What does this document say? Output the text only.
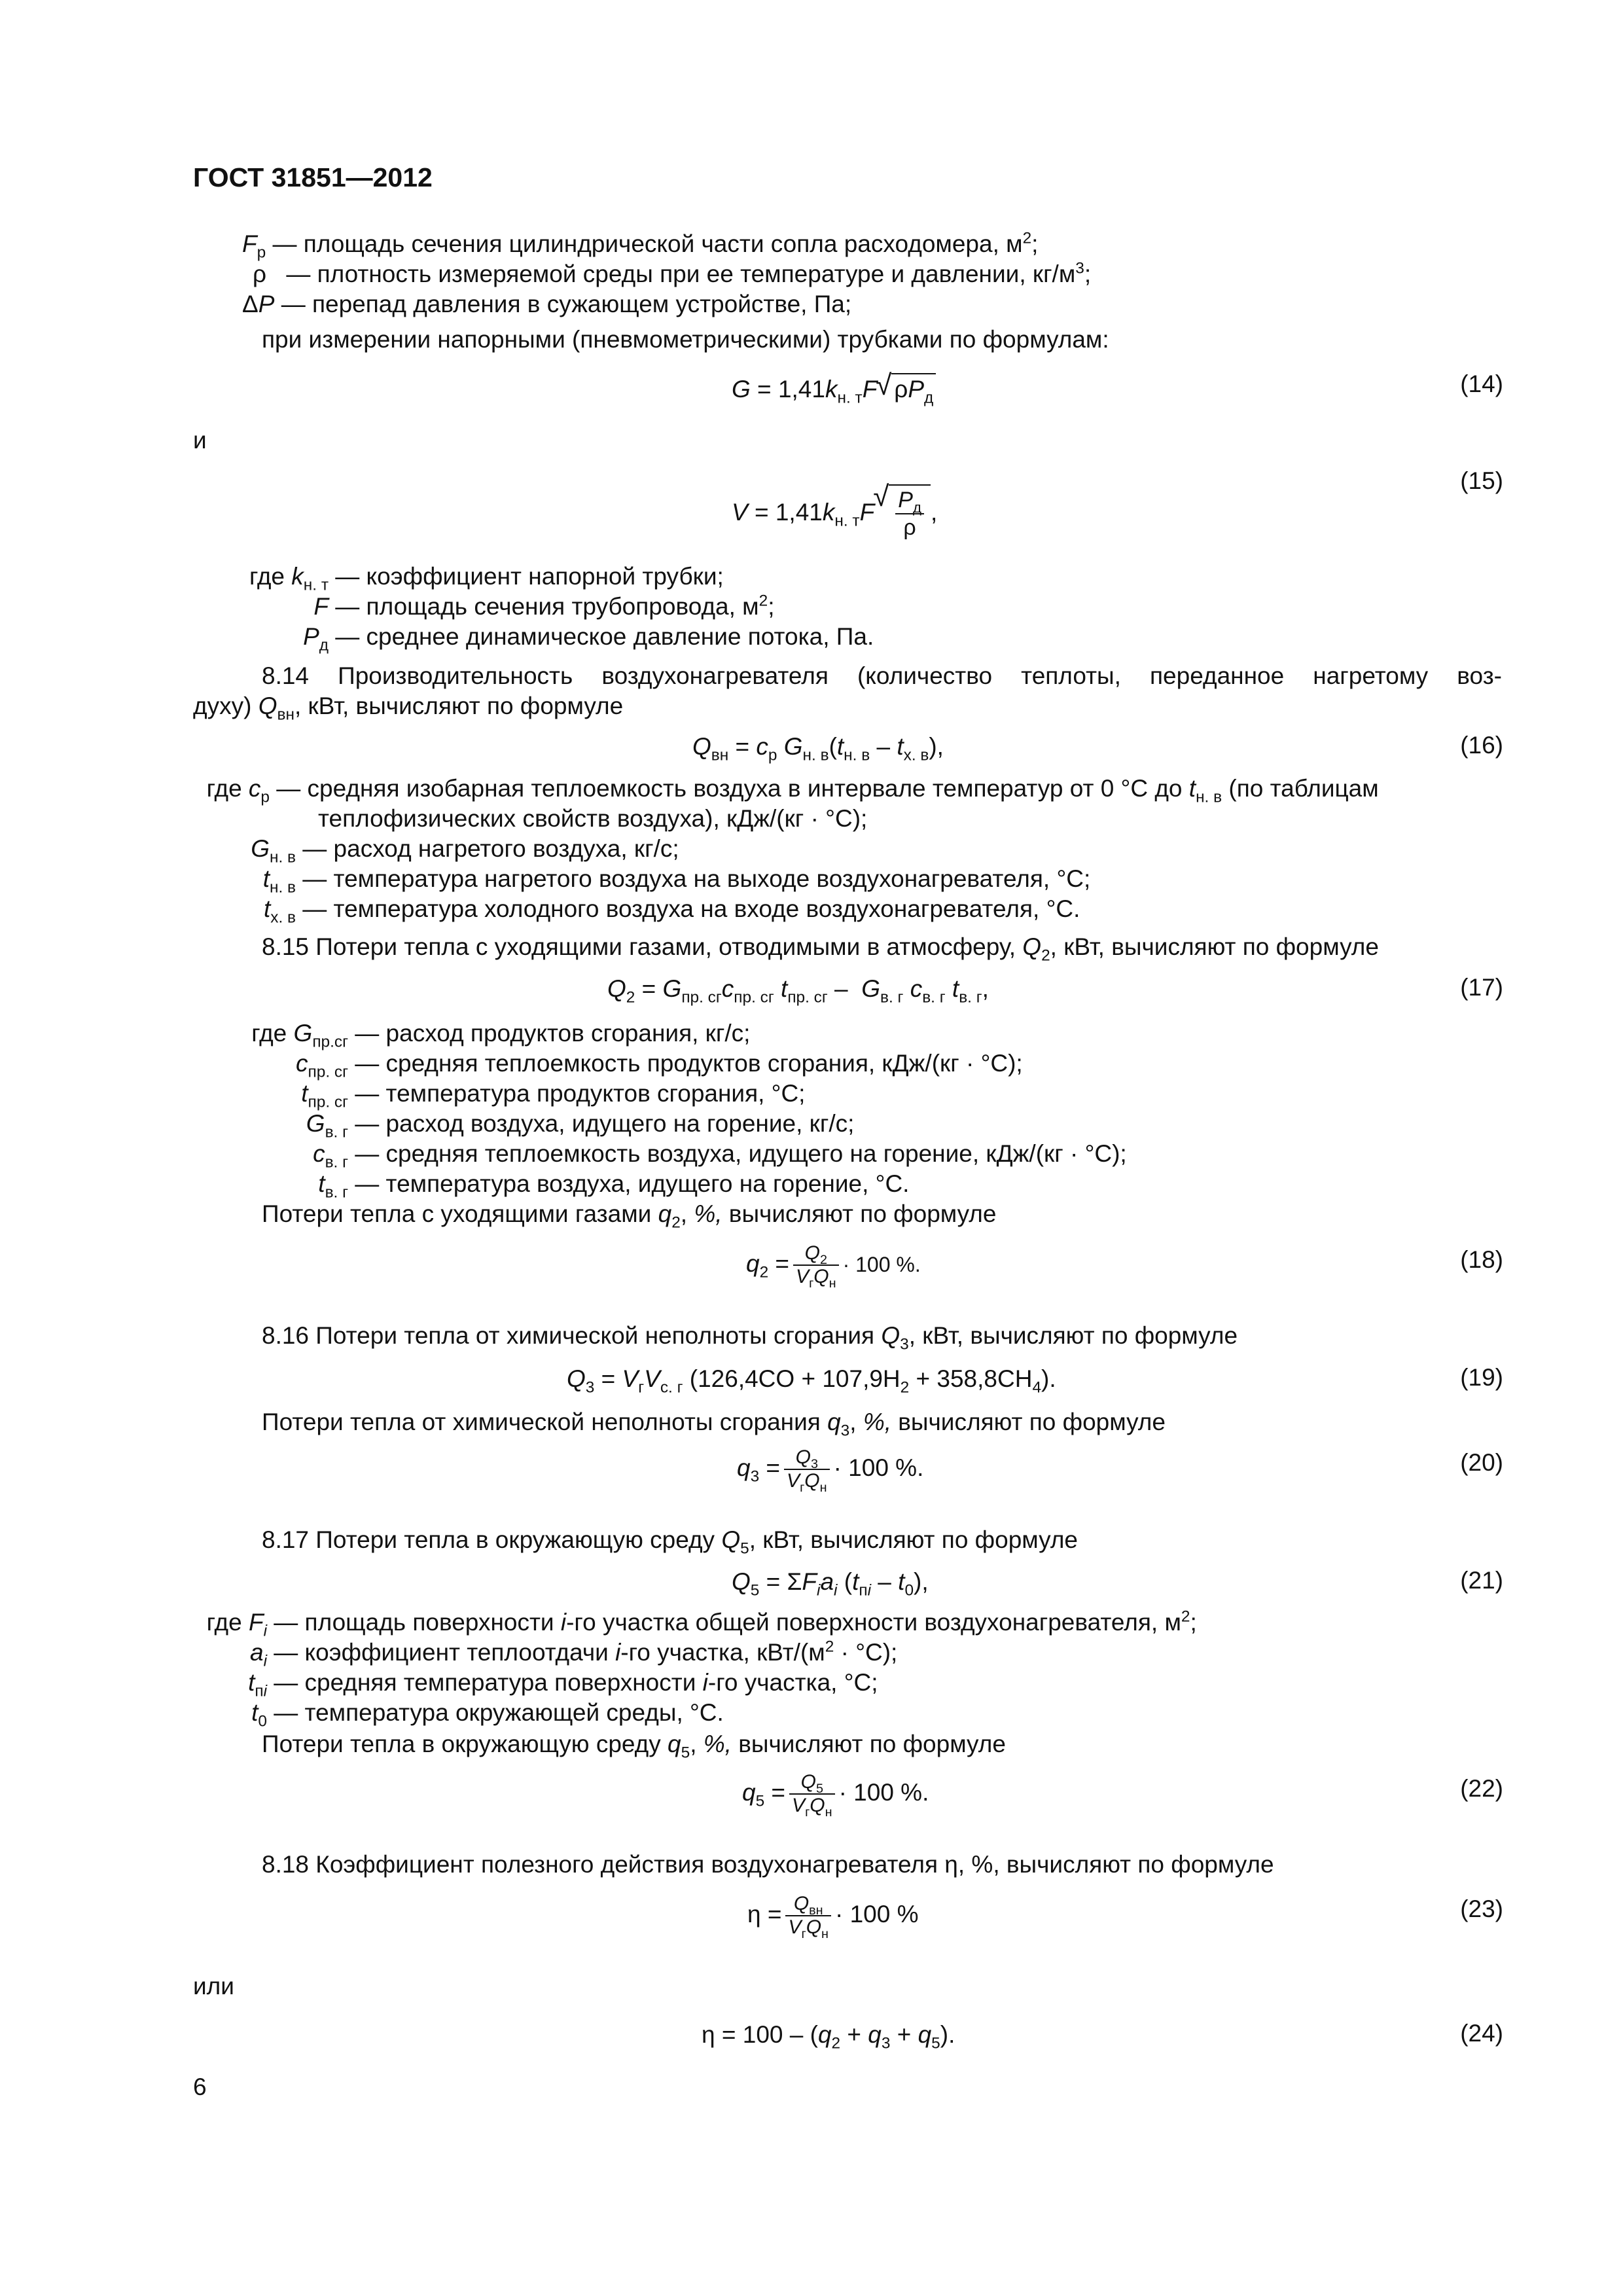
ГОСТ 31851—2012
$F_р$ — площадь сечения цилиндрической части сопла расходомера, $м^2$;
ρ — плотность измеряемой среды при ее температуре и давлении, $кг/м^3$;
ΔP — перепад давления в сужающем устройстве, Па;
при измерении напорными (пневмометрическими) трубками по формулам:
$G = 1,41k_{н. т}F√$ $\rho P_д$
(14)
и
$V = 1,41k_{н. т}F$
√ $\frac{P_д}{\rho}$ ,
(15)
где $k_{н. т}$ — коэффициент напорной трубки;
F — площадь сечения трубопровода, $м^2$;
$P_д$ — среднее динамическое давление потока, Па.
8.14 Производительность воздухонагревателя (количество теплоты, переданное нагретому воз-
духу) $Q_{вн}$, кВт, вычисляют по формуле
$Q_{вн} = c_р$ $G_{н. в}(t_{н. в} - t_{х. в})$,	(16)
где $c_р$ — средняя изобарная теплоемкость воздуха в интервале температур от 0 °С до $t_{н. в}$ (по таблицам
теплофизических свойств воздуха), кДж/(кг · °С);
$G_{н. в}$ — расход нагретого воздуха, кг/с;
$t_{н. в}$ — температура нагретого воздуха на выходе воздухонагревателя, °С;
$t_{х. в}$ — температура холодного воздуха на входе воздухонагревателя, °С.
8.15 Потери тепла с уходящими газами, отводимыми в атмосферу, $Q_2$, кВт, вычисляют по формуле
$Q_2 = G_{пр. сг}c_{пр. сг}$ $t_{пр. сг} - G_{в. г}$ $c_{в. г}$ $t_{в. г}$,	(17)
где $G_{пр.сг}$ — расход продуктов сгорания, кг/с;
$c_{пр. сг}$ — средняя теплоемкость продуктов сгорания, кДж/(кг · °С);
$t_{пр. сг}$ — температура продуктов сгорания, °С;
$G_{в. г}$ — расход воздуха, идущего на горение, кг/с;
$c_{в. г}$ — средняя теплоемкость воздуха, идущего на горение, кДж/(кг · °С);
$t_{в. г}$ — температура воздуха, идущего на горение, °С.
Потери тепла с уходящими газами $q_2$, %, вычисляют по формуле
$q_2 = \frac{Q_2}{V_гQ_н} \cdot 100$ %.	(18)
8.16 Потери тепла от химической неполноты сгорания $Q_3$, кВт, вычисляют по формуле
$Q_3 = V_гV_{с. г}$ $(126,4CO + 107,9H_2 + 358,8CH_4)$.	(19)
Потери тепла от химической неполноты сгорания $q_3$, %, вычисляют по формуле
$q_3 = \frac{Q_3}{V_гQ_н} \cdot 100$ %.	(20)
8.17 Потери тепла в окружающую среду $Q_5$, кВт, вычисляют по формуле
$Q_5 = \Sigma F_ia_i$ $(t_{пi} - t_0)$,	(21)
где $F_i$ — площадь поверхности i-го участка общей поверхности воздухонагревателя, $м^2$;
$a_i$ — коэффициент теплоотдачи i-го участка, кВт/$(м^2 \cdot ^\circ С)$;
$t_{пi}$ — средняя температура поверхности i-го участка, °С;
$t_0$ — температура окружающей среды, °С.
Потери тепла в окружающую среду $q_5$, %, вычисляют по формуле
$q_5 = \frac{Q_5}{V_гQ_н} \cdot 100$ %.	(22)
8.18 Коэффициент полезного действия воздухонагревателя η, %, вычисляют по формуле
$\eta = \frac{Q_{вн}}{V_гQ_н} \cdot 100$ %	(23)
или
$\eta = 100 - (q_2 + q_3 + q_5)$.	(24)
6
